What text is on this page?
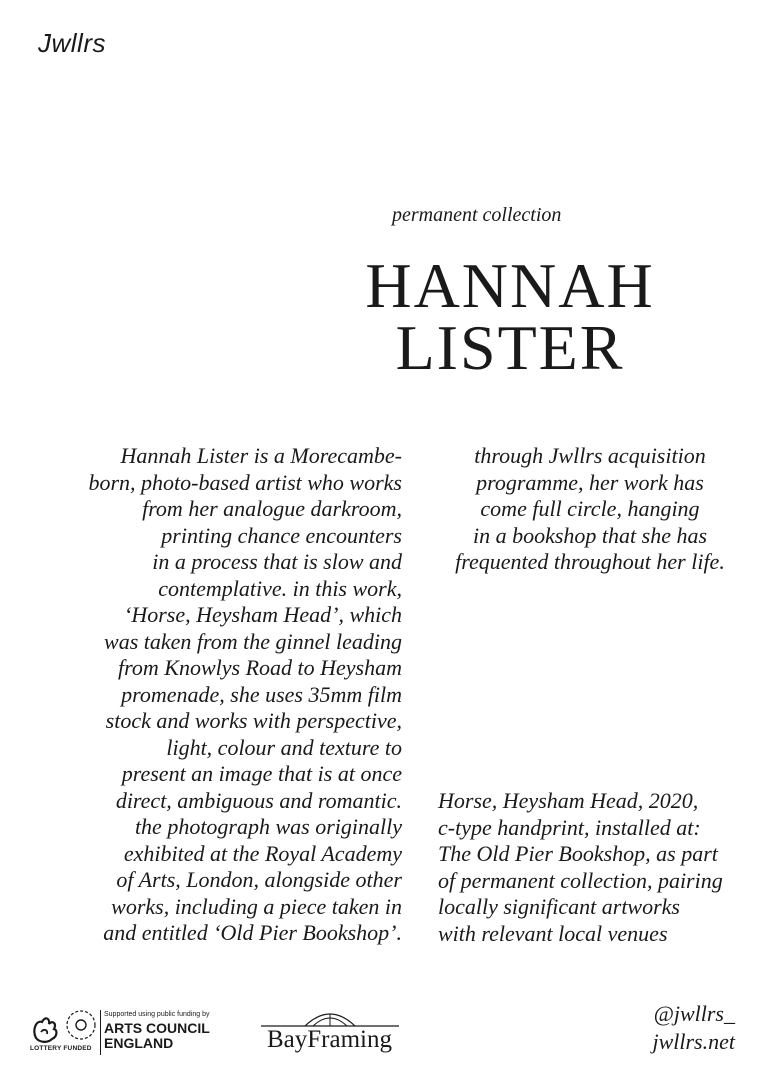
Jwllrs
permanent collection
HANNAH
LISTER
Hannah Lister is a Morecambe-
born, photo-based artist who works
from her analogue darkroom,
printing chance encounters
in a process that is slow and
contemplative. in this work,
‘Horse, Heysham Head’, which
was taken from the ginnel leading
from Knowlys Road to Heysham
promenade, she uses 35mm film
stock and works with perspective,
light, colour and texture to
present an image that is at once
direct, ambiguous and romantic.
the photograph was originally
exhibited at the Royal Academy
of Arts, London, alongside other
works, including a piece taken in
and entitled ‘Old Pier Bookshop’.
through Jwllrs acquisition
programme, her work has
come full circle, hanging
in a bookshop that she has
frequented throughout her life.
Horse, Heysham Head, 2020,
c-type handprint, installed at:
The Old Pier Bookshop, as part
of permanent collection, pairing
locally significant artworks
with relevant local venues
LOTTERY FUNDED
Supported using public funding by
ARTS COUNCIL
ENGLAND	BayFraming
@jwllrs_
jwllrs.net
